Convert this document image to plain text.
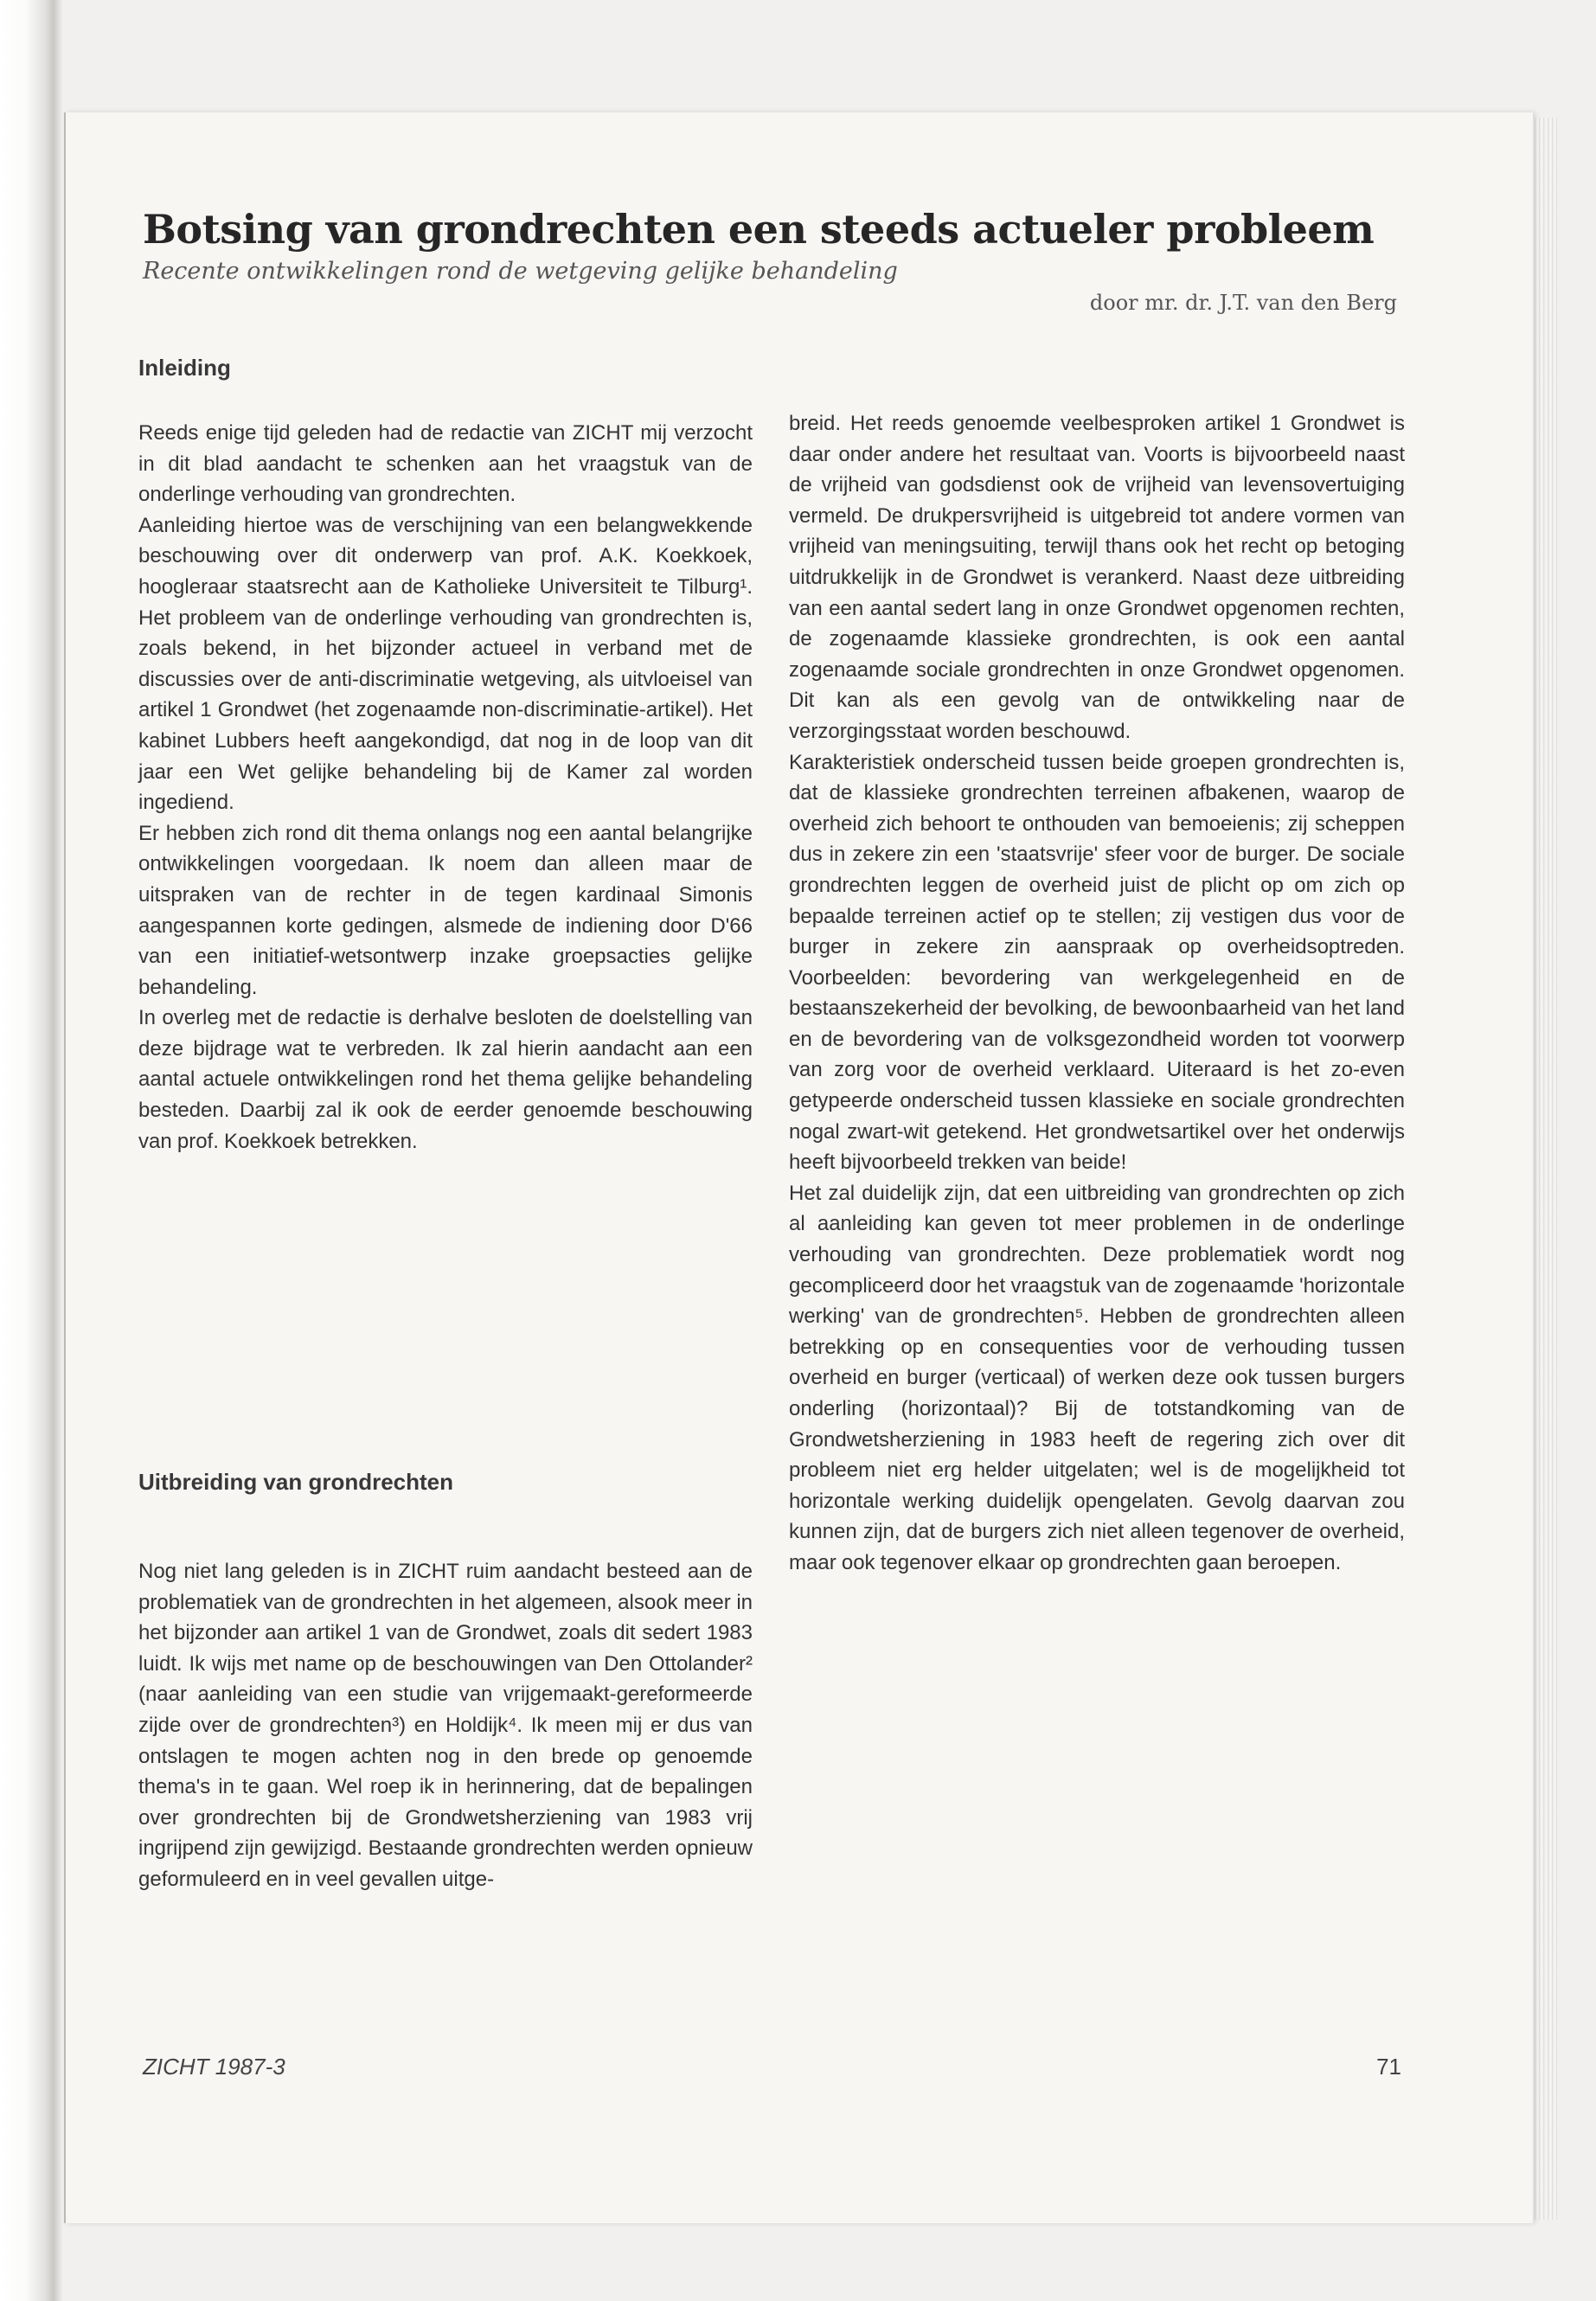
Botsing van grondrechten een steeds actueler probleem
Recente ontwikkelingen rond de wetgeving gelijke behandeling
door mr. dr. J.T. van den Berg
Inleiding

Reeds enige tijd geleden had de redactie van ZICHT mij verzocht in dit blad aandacht te schenken aan het vraagstuk van de onderlinge verhouding van grondrechten.

Aanleiding hiertoe was de verschijning van een belangwekkende beschouwing over dit onderwerp van prof. A.K. Koekkoek, hoogleraar staatsrecht aan de Katholieke Universiteit te Tilburg¹. Het probleem van de onderlinge verhouding van grondrechten is, zoals bekend, in het bijzonder actueel in verband met de discussies over de anti-discriminatie wetgeving, als uitvloeisel van artikel 1 Grondwet (het zogenaamde non-discriminatie-artikel). Het kabinet Lubbers heeft aangekondigd, dat nog in de loop van dit jaar een Wet gelijke behandeling bij de Kamer zal worden ingediend.

Er hebben zich rond dit thema onlangs nog een aantal belangrijke ontwikkelingen voorgedaan. Ik noem dan alleen maar de uitspraken van de rechter in de tegen kardinaal Simonis aangespannen korte gedingen, alsmede de indiening door D'66 van een initiatief-wetsontwerp inzake groepsacties gelijke behandeling.

In overleg met de redactie is derhalve besloten de doelstelling van deze bijdrage wat te verbreden. Ik zal hierin aandacht aan een aantal actuele ontwikkelingen rond het thema gelijke behandeling besteden. Daarbij zal ik ook de eerder genoemde beschouwing van prof. Koekkoek betrekken.

Uitbreiding van grondrechten

Nog niet lang geleden is in ZICHT ruim aandacht besteed aan de problematiek van de grondrechten in het algemeen, alsook meer in het bijzonder aan artikel 1 van de Grondwet, zoals dit sedert 1983 luidt. Ik wijs met name op de beschouwingen van Den Ottolander² (naar aanleiding van een studie van vrijgemaakt-gereformeerde zijde over de grondrechten³) en Holdijk⁴. Ik meen mij er dus van ontslagen te mogen achten nog in den brede op genoemde thema's in te gaan. Wel roep ik in herinnering, dat de bepalingen over grondrechten bij de Grondwetsherziening van 1983 vrij ingrijpend zijn gewijzigd. Bestaande grondrechten werden opnieuw geformuleerd en in veel gevallen uitge-

breid. Het reeds genoemde veelbesproken artikel 1 Grondwet is daar onder andere het resultaat van. Voorts is bijvoorbeeld naast de vrijheid van godsdienst ook de vrijheid van levensovertuiging vermeld. De drukpersvrijheid is uitgebreid tot andere vormen van vrijheid van meningsuiting, terwijl thans ook het recht op betoging uitdrukkelijk in de Grondwet is verankerd. Naast deze uitbreiding van een aantal sedert lang in onze Grondwet opgenomen rechten, de zogenaamde klassieke grondrechten, is ook een aantal zogenaamde sociale grondrechten in onze Grondwet opgenomen. Dit kan als een gevolg van de ontwikkeling naar de verzorgingsstaat worden beschouwd.

Karakteristiek onderscheid tussen beide groepen grondrechten is, dat de klassieke grondrechten terreinen afbakenen, waarop de overheid zich behoort te onthouden van bemoeienis; zij scheppen dus in zekere zin een 'staatsvrije' sfeer voor de burger. De sociale grondrechten leggen de overheid juist de plicht op om zich op bepaalde terreinen actief op te stellen; zij vestigen dus voor de burger in zekere zin aanspraak op overheidsoptreden. Voorbeelden: bevordering van werkgelegenheid en de bestaanszekerheid der bevolking, de bewoonbaarheid van het land en de bevordering van de volksgezondheid worden tot voorwerp van zorg voor de overheid verklaard. Uiteraard is het zo-even getypeerde onderscheid tussen klassieke en sociale grondrechten nogal zwart-wit getekend. Het grondwetsartikel over het onderwijs heeft bijvoorbeeld trekken van beide!

Het zal duidelijk zijn, dat een uitbreiding van grondrechten op zich al aanleiding kan geven tot meer problemen in de onderlinge verhouding van grondrechten. Deze problematiek wordt nog gecompliceerd door het vraagstuk van de zogenaamde 'horizontale werking' van de grondrechten⁵. Hebben de grondrechten alleen betrekking op en consequenties voor de verhouding tussen overheid en burger (verticaal) of werken deze ook tussen burgers onderling (horizontaal)? Bij de totstandkoming van de Grondwetsherziening in 1983 heeft de regering zich over dit probleem niet erg helder uitgelaten; wel is de mogelijkheid tot horizontale werking duidelijk opengelaten. Gevolg daarvan zou kunnen zijn, dat de burgers zich niet alleen tegenover de overheid, maar ook tegenover elkaar op grondrechten gaan beroepen.

ZICHT 1987-3	71
